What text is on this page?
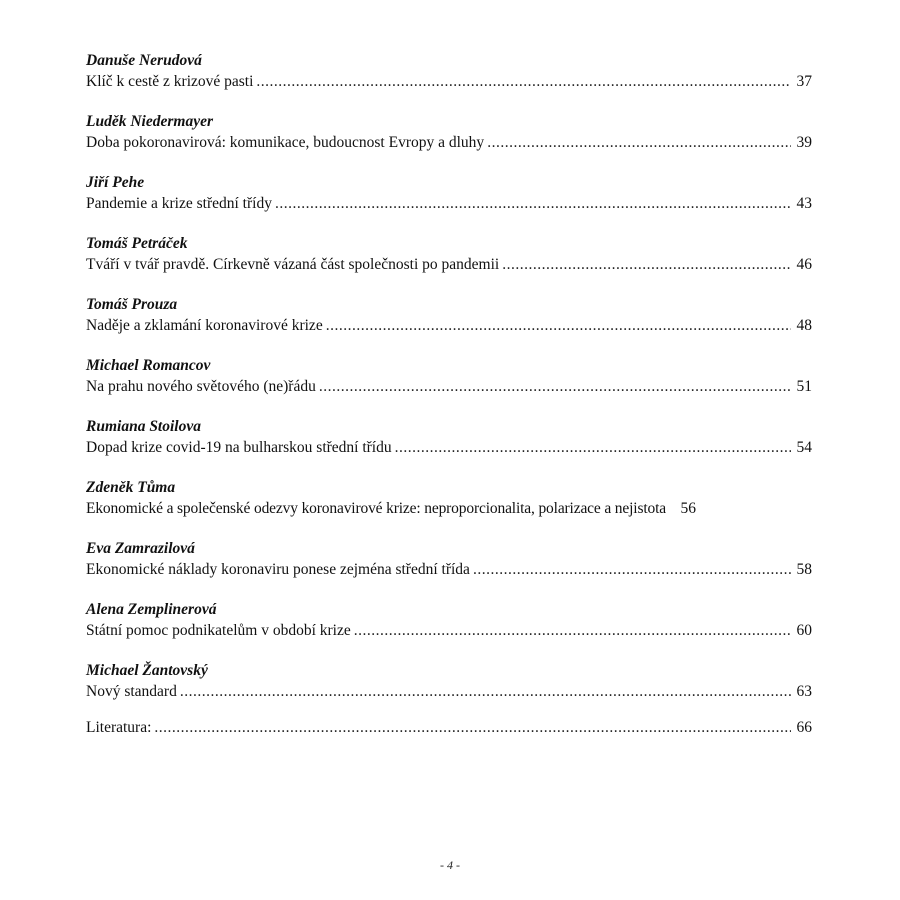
Danuše Nerudová
Klíč k cestě z krizové pasti .....	37
Luděk Niedermayer
Doba pokoronavirová: komunikace, budoucnost Evropy a dluhy .....	39
Jiří Pehe
Pandemie a krize střední třídy .....	43
Tomáš Petráček
Tváří v tvář pravdě. Církevně vázaná část společnosti po pandemii .....	46
Tomáš Prouza
Naděje a zklamání koronavirové krize .....	48
Michael Romancov
Na prahu nového světového (ne)řádu .....	51
Rumiana Stoilova
Dopad krize covid-19 na bulharskou střední třídu .....	54
Zdeněk Tůma
Ekonomické a společenské odezvy koronavirové krize: neproporcionalita, polarizace a nejistota 56
Eva Zamrazilová
Ekonomické náklady koronaviru ponese zejména střední třída .....	58
Alena Zemplinerová
Státní pomoc podnikatelům v období krize .....	60
Michael Žantovský
Nový standard .....	63
Literatura: .....	66
- 4 -
